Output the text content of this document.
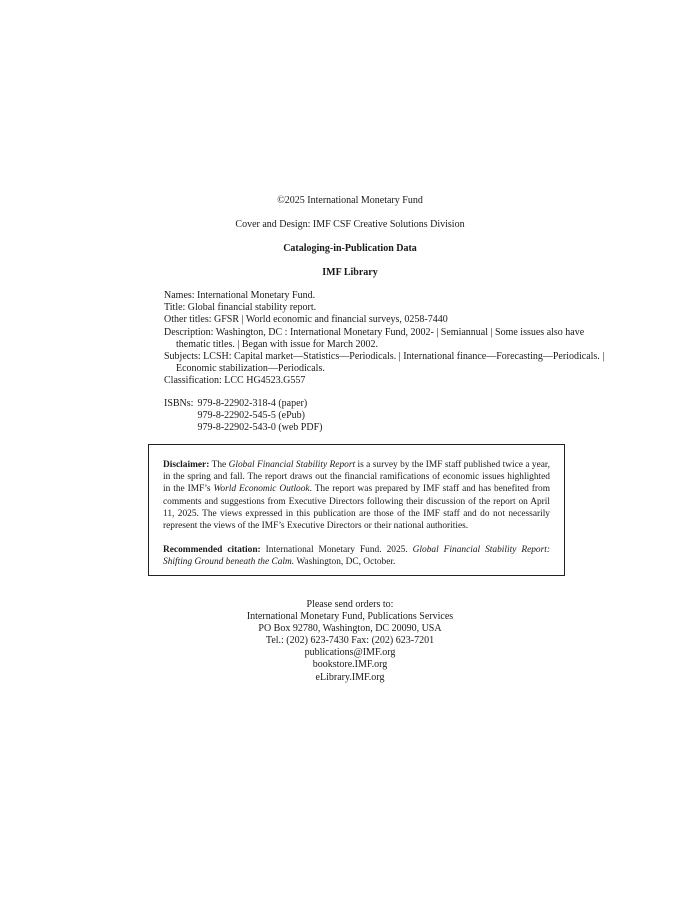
©2025 International Monetary Fund
Cover and Design: IMF CSF Creative Solutions Division
Cataloging-in-Publication Data
IMF Library
Names: International Monetary Fund.
Title: Global financial stability report.
Other titles: GFSR | World economic and financial surveys, 0258-7440
Description: Washington, DC : International Monetary Fund, 2002- | Semiannual | Some issues also have thematic titles. | Began with issue for March 2002.
Subjects: LCSH: Capital market—Statistics—Periodicals. | International finance—Forecasting—Periodicals. | Economic stabilization—Periodicals.
Classification: LCC HG4523.G557
ISBNs: 979-8-22902-318-4 (paper)
979-8-22902-545-5 (ePub)
979-8-22902-543-0 (web PDF)

Disclaimer: The Global Financial Stability Report is a survey by the IMF staff published twice a year, in the spring and fall. The report draws out the financial ramifications of economic issues highlighted in the IMF’s World Economic Outlook. The report was prepared by IMF staff and has benefited from comments and suggestions from Executive Directors following their discussion of the report on April 11, 2025. The views expressed in this publication are those of the IMF staff and do not necessarily represent the views of the IMF’s Executive Directors or their national authorities.

Recommended citation: International Monetary Fund. 2025. Global Financial Stability Report: Shifting Ground beneath the Calm. Washington, DC, October.

Please send orders to:
International Monetary Fund, Publications Services
PO Box 92780, Washington, DC 20090, USA
Tel.: (202) 623-7430 Fax: (202) 623-7201
publications@IMF.org
bookstore.IMF.org
eLibrary.IMF.org
